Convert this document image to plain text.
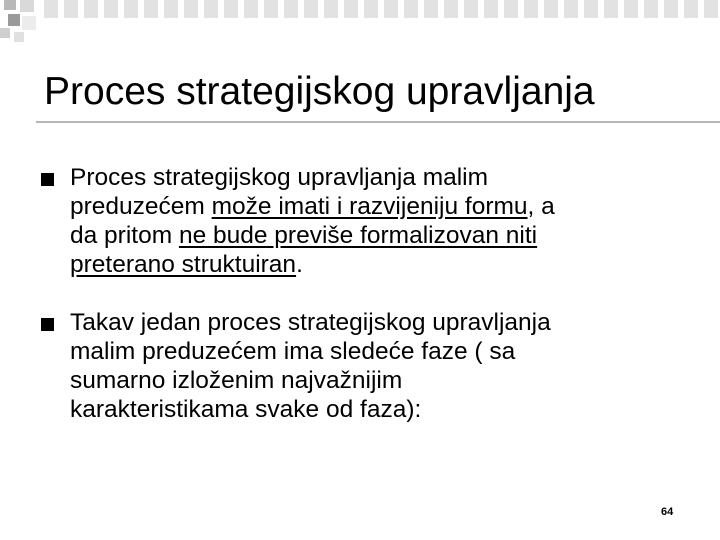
Proces strategijskog upravljanja
Proces strategijskog upravljanja malim
preduzećem može imati i razvijeniju formu, a
da pritom ne bude previše formalizovan niti
preterano struktuiran.
Takav jedan proces strategijskog upravljanja
malim preduzećem ima sledeće faze ( sa
sumarno izloženim najvažnijim
karakteristikama svake od faza):
64
